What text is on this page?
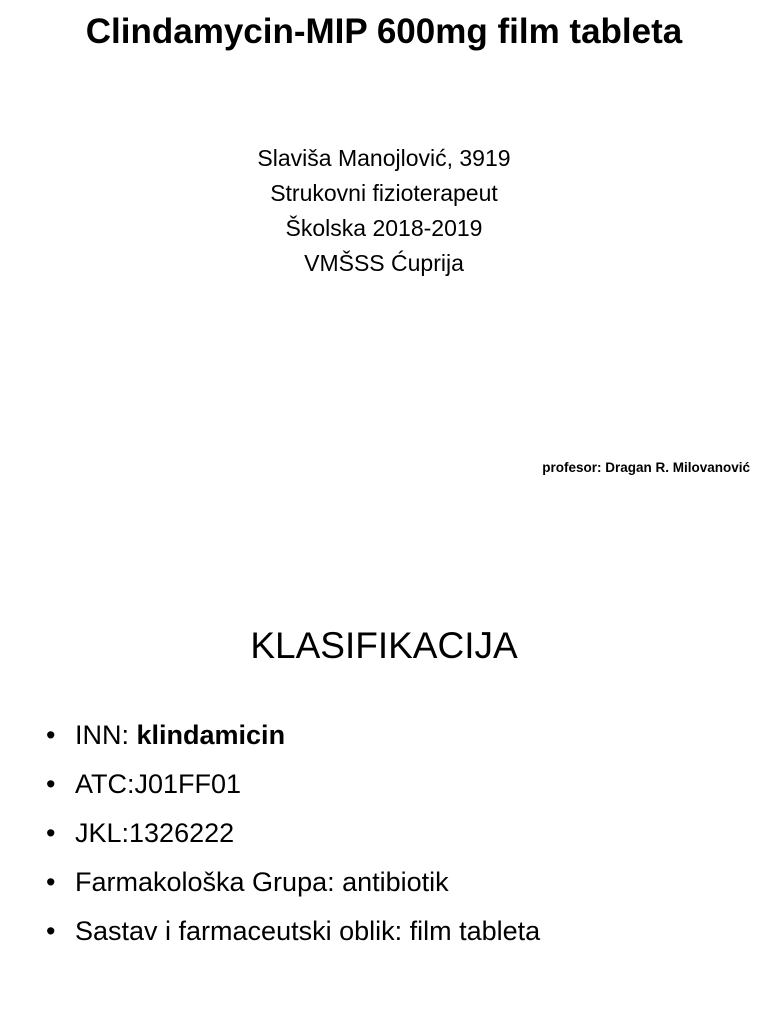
Clindamycin-MIP 600mg film tableta
Slaviša Manojlović, 3919
Strukovni fizioterapeut
Školska 2018-2019
VMŠSS Ćuprija
profesor: Dragan R. Milovanović
KLASIFIKACIJA
• INN: klindamicin
• ATC:J01FF01
• JKL:1326222
• Farmakološka Grupa: antibiotik
• Sastav i farmaceutski oblik: film tableta
